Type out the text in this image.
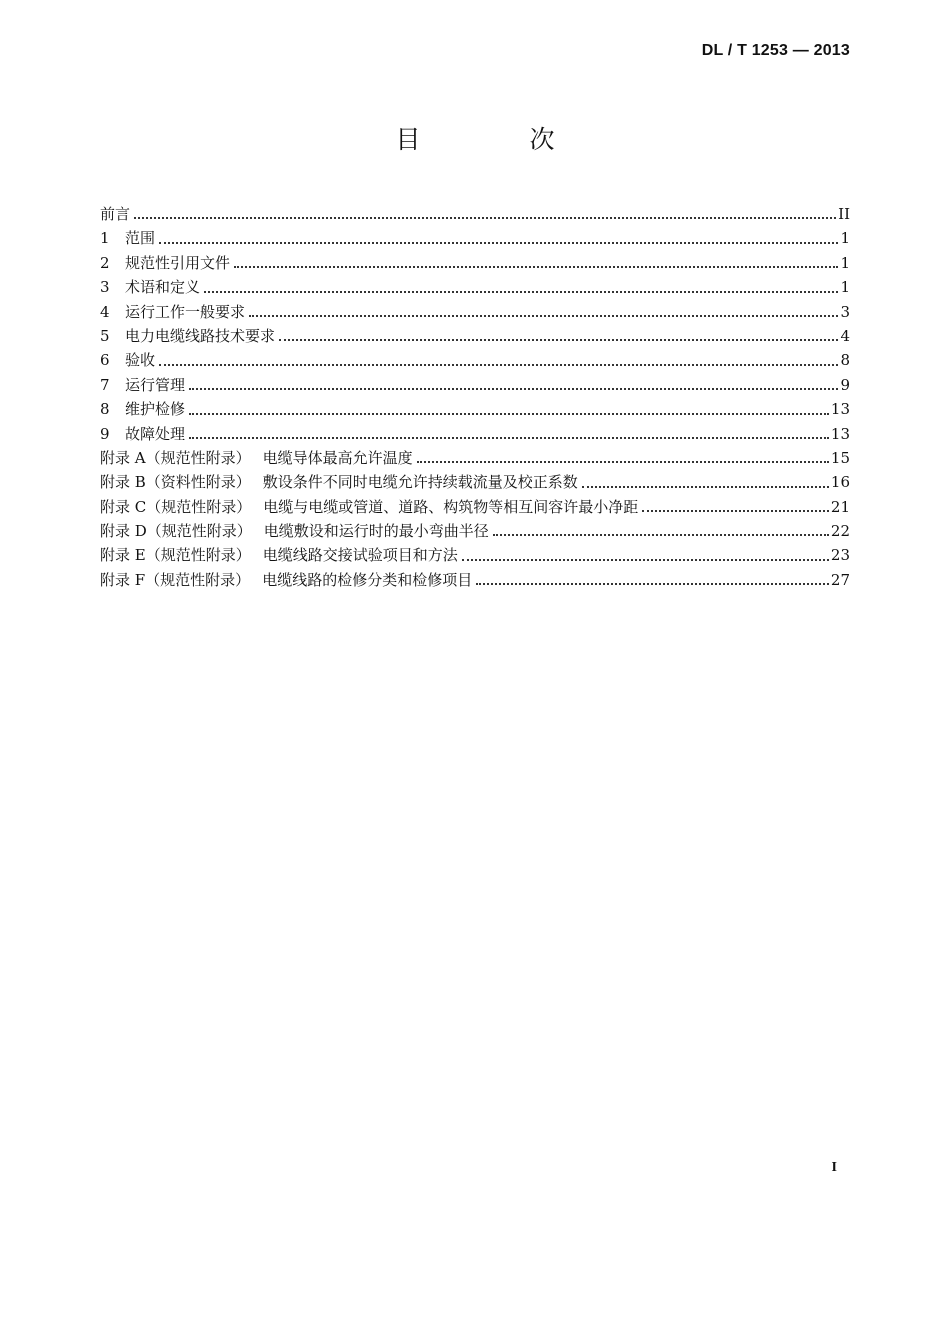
DL / T 1253 — 2013
目　次
前言	II
1	范围	1
2	规范性引用文件	1
3	术语和定义	1
4	运行工作一般要求	3
5	电力电缆线路技术要求	4
6	验收	8
7	运行管理	9
8	维护检修	13
9	故障处理	13
附录 A（规范性附录） 电缆导体最高允许温度	15
附录 B（资料性附录） 敷设条件不同时电缆允许持续载流量及校正系数	16
附录 C（规范性附录） 电缆与电缆或管道、道路、构筑物等相互间容许最小净距	21
附录 D（规范性附录） 电缆敷设和运行时的最小弯曲半径	22
附录 E（规范性附录） 电缆线路交接试验项目和方法	23
附录 F（规范性附录） 电缆线路的检修分类和检修项目	27
I
